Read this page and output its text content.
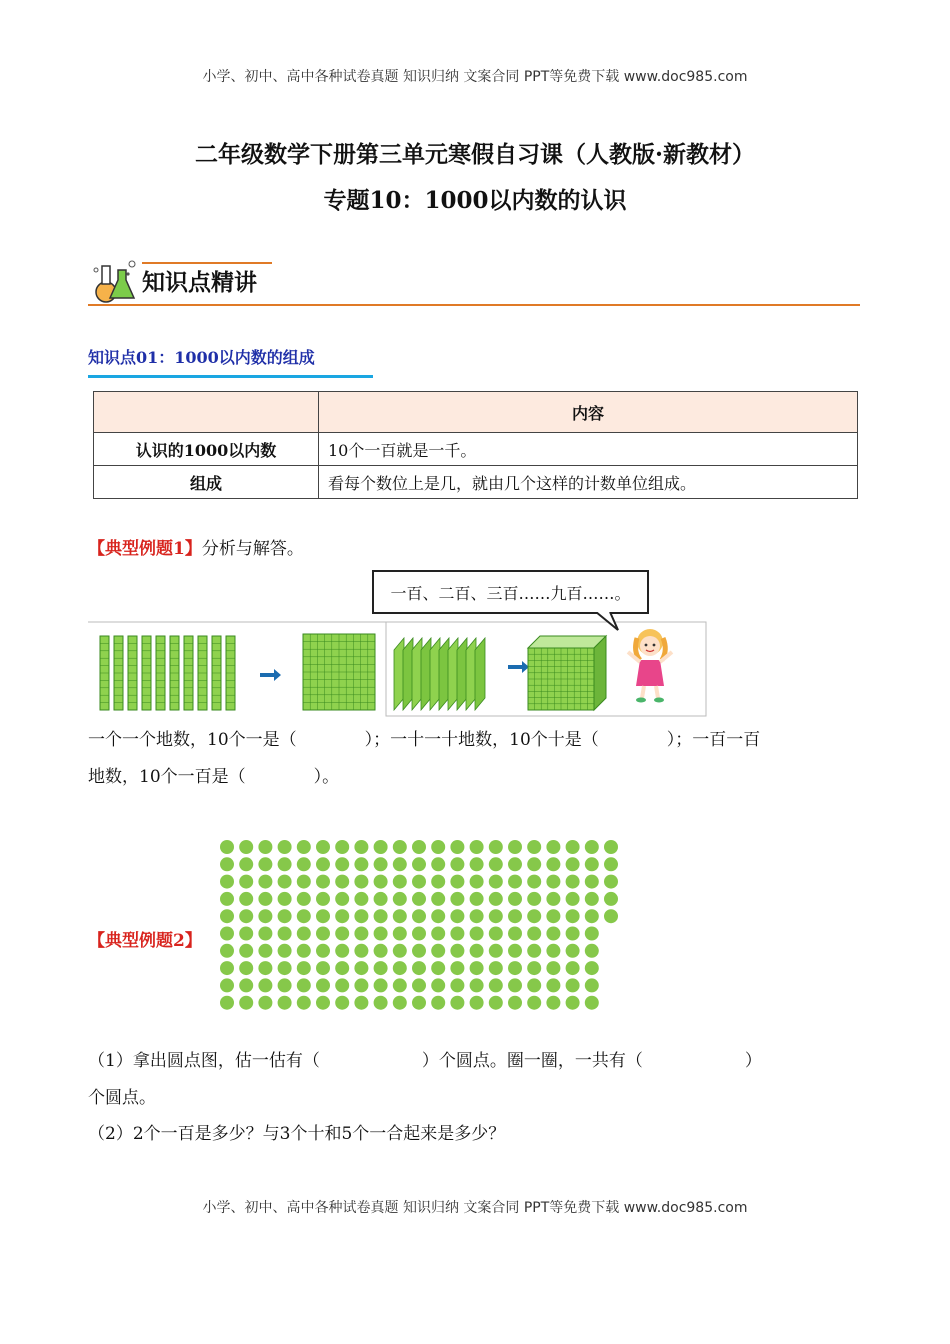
小学、初中、高中各种试卷真题 知识归纳 文案合同 PPT等免费下载 www.doc985.com
二年级数学下册第三单元寒假自习课（人教版·新教材）
专题10：1000以内数的认识
知识点精讲
知识点01：1000以内数的组成
	内容
认识的1000以内数	10个一百就是一千。
组成	看每个数位上是几，就由几个这样的计数单位组成。
【典型例题1】分析与解答。
一百、二百、三百……九百……。
一个一个地数，10个一是（　　　　）；一十一十地数，10个十是（　　　　）；一百一百
地数，10个一百是（　　　　）。
【典型例题2】
（1）拿出圆点图，估一估有（　　　　　　）个圆点。圈一圈，一共有（　　　　　　）
个圆点。
（2）2个一百是多少？与3个十和5个一合起来是多少？
小学、初中、高中各种试卷真题 知识归纳 文案合同 PPT等免费下载 www.doc985.com
